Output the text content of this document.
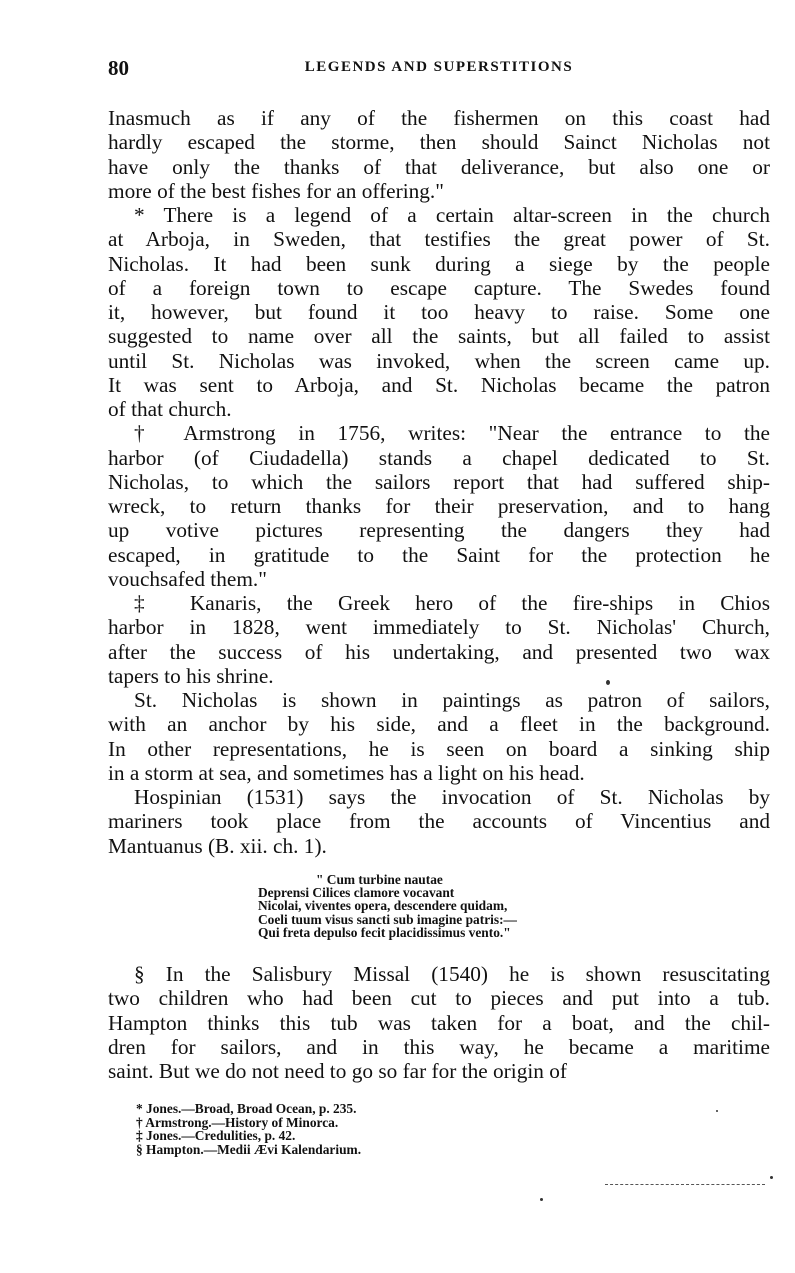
80	LEGENDS AND SUPERSTITIONS
Inasmuch as if any of the fishermen on this coast had
hardly escaped the storme, then should Sainct Nicholas not
have only the thanks of that deliverance, but also one or
more of the best fishes for an offering."
* There is a legend of a certain altar-screen in the church
at Arboja, in Sweden, that testifies the great power of St.
Nicholas. It had been sunk during a siege by the people
of a foreign town to escape capture. The Swedes found
it, however, but found it too heavy to raise. Some one
suggested to name over all the saints, but all failed to assist
until St. Nicholas was invoked, when the screen came up.
It was sent to Arboja, and St. Nicholas became the patron
of that church.
† Armstrong in 1756, writes: "Near the entrance to the
harbor (of Ciudadella) stands a chapel dedicated to St.
Nicholas, to which the sailors report that had suffered ship-
wreck, to return thanks for their preservation, and to hang
up votive pictures representing the dangers they had
escaped, in gratitude to the Saint for the protection he
vouchsafed them."
‡ Kanaris, the Greek hero of the fire-ships in Chios
harbor in 1828, went immediately to St. Nicholas' Church,
after the success of his undertaking, and presented two wax
tapers to his shrine.
St. Nicholas is shown in paintings as patron of sailors,
with an anchor by his side, and a fleet in the background.
In other representations, he is seen on board a sinking ship
in a storm at sea, and sometimes has a light on his head.
Hospinian (1531) says the invocation of St. Nicholas by
mariners took place from the accounts of Vincentius and
Mantuanus (B. xii. ch. 1).
" Cum turbine nautae
Deprensi Cilices clamore vocavant
Nicolai, viventes opera, descendere quidam,
Coeli tuum visus sancti sub imagine patris:—
Qui freta depulso fecit placidissimus vento."
§ In the Salisbury Missal (1540) he is shown resuscitating
two children who had been cut to pieces and put into a tub.
Hampton thinks this tub was taken for a boat, and the chil-
dren for sailors, and in this way, he became a maritime
saint. But we do not need to go so far for the origin of
* Jones.—Broad, Broad Ocean, p. 235.
† Armstrong.—History of Minorca.
‡ Jones.—Credulities, p. 42.
§ Hampton.—Medii Ævi Kalendarium.
